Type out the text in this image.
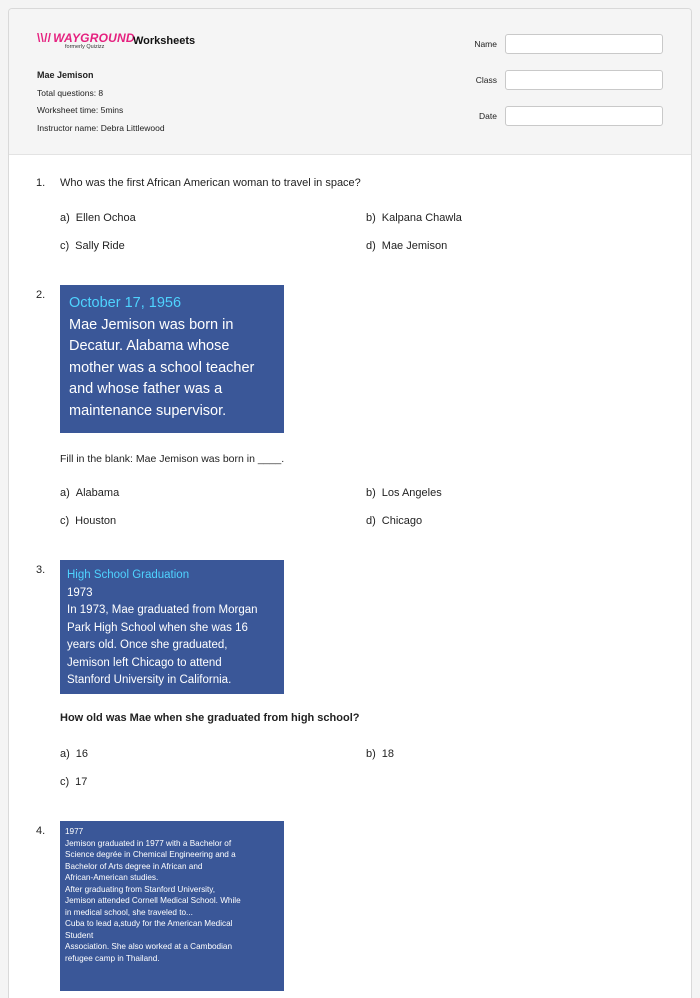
\\// WAYGROUND
formerly Quizizz	Worksheets
Mae Jemison
Total questions: 8
Worksheet time: 5mins
Instructor name: Debra Littlewood
Name
Class
Date
1. Who was the first African American woman to travel in space?
a) Ellen Ochoa	b) Kalpana Chawla
c) Sally Ride	d) Mae Jemison
2. October 17, 1956
Mae Jemison was born in
Decatur. Alabama whose
mother was a school teacher
and whose father was a
maintenance supervisor.
Fill in the blank: Mae Jemison was born in ____.
a) Alabama	b) Los Angeles
c) Houston	d) Chicago
3. High School Graduation
1973
In 1973, Mae graduated from Morgan
Park High School when she was 16
years old. Once she graduated,
Jemison left Chicago to attend
Stanford University in California.
How old was Mae when she graduated from high school?
a) 16	b) 18
c) 17
4. 1977
Jemison graduated in 1977 with a Bachelor of
Science degrée in Chemical Engineering and a
Bachelor of Arts degree in African and
African-American studies.
After graduating from Stanford University,
Jemison attended Cornell Medical School. While
in medical school, she traveled to...
Cuba to lead a,study for the American Medical
Student
Association. She also worked at a Cambodian
refugee camp in Thailand.
